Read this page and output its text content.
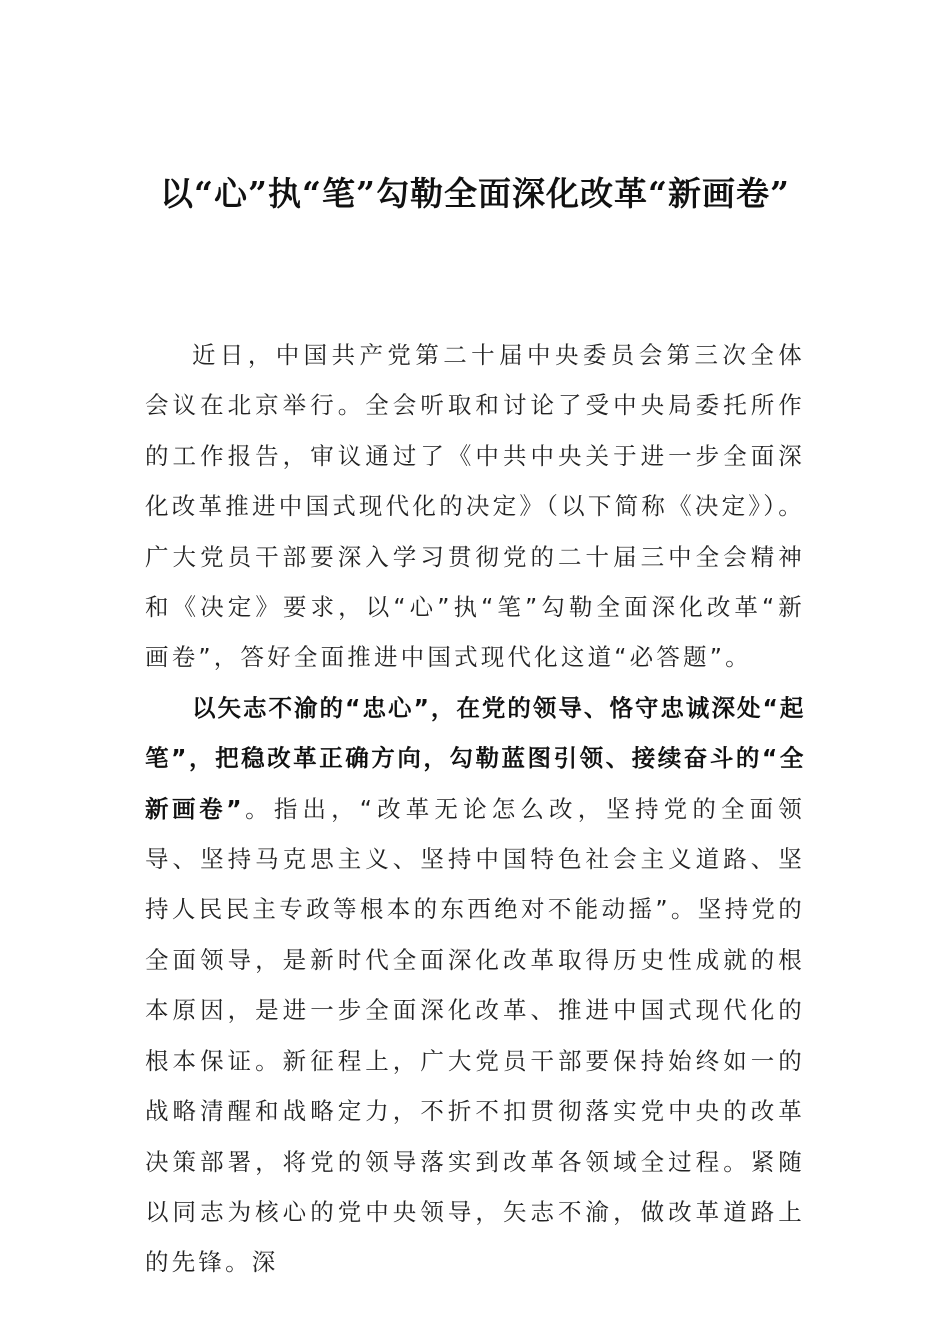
以“心”执“笔”勾勒全面深化改革“新画卷”

近日，中国共产党第二十届中央委员会第三次全体会议在北京举行。全会听取和讨论了受中央局委托所作的工作报告，审议通过了《中共中央关于进一步全面深化改革推进中国式现代化的决定》（以下简称《决定》）。广大党员干部要深入学习贯彻党的二十届三中全会精神和《决定》要求，以“心”执“笔”勾勒全面深化改革“新画卷”，答好全面推进中国式现代化这道“必答题”。

以矢志不渝的“忠心”，在党的领导、恪守忠诚深处“起笔”，把稳改革正确方向，勾勒蓝图引领、接续奋斗的“全新画卷”。指出，“改革无论怎么改，坚持党的全面领导、坚持马克思主义、坚持中国特色社会主义道路、坚持人民民主专政等根本的东西绝对不能动摇”。坚持党的全面领导，是新时代全面深化改革取得历史性成就的根本原因，是进一步全面深化改革、推进中国式现代化的根本保证。新征程上，广大党员干部要保持始终如一的战略清醒和战略定力，不折不扣贯彻落实党中央的改革决策部署，将党的领导落实到改革各领域全过程。紧随以同志为核心的党中央领导，矢志不渝，做改革道路上的先锋。深
